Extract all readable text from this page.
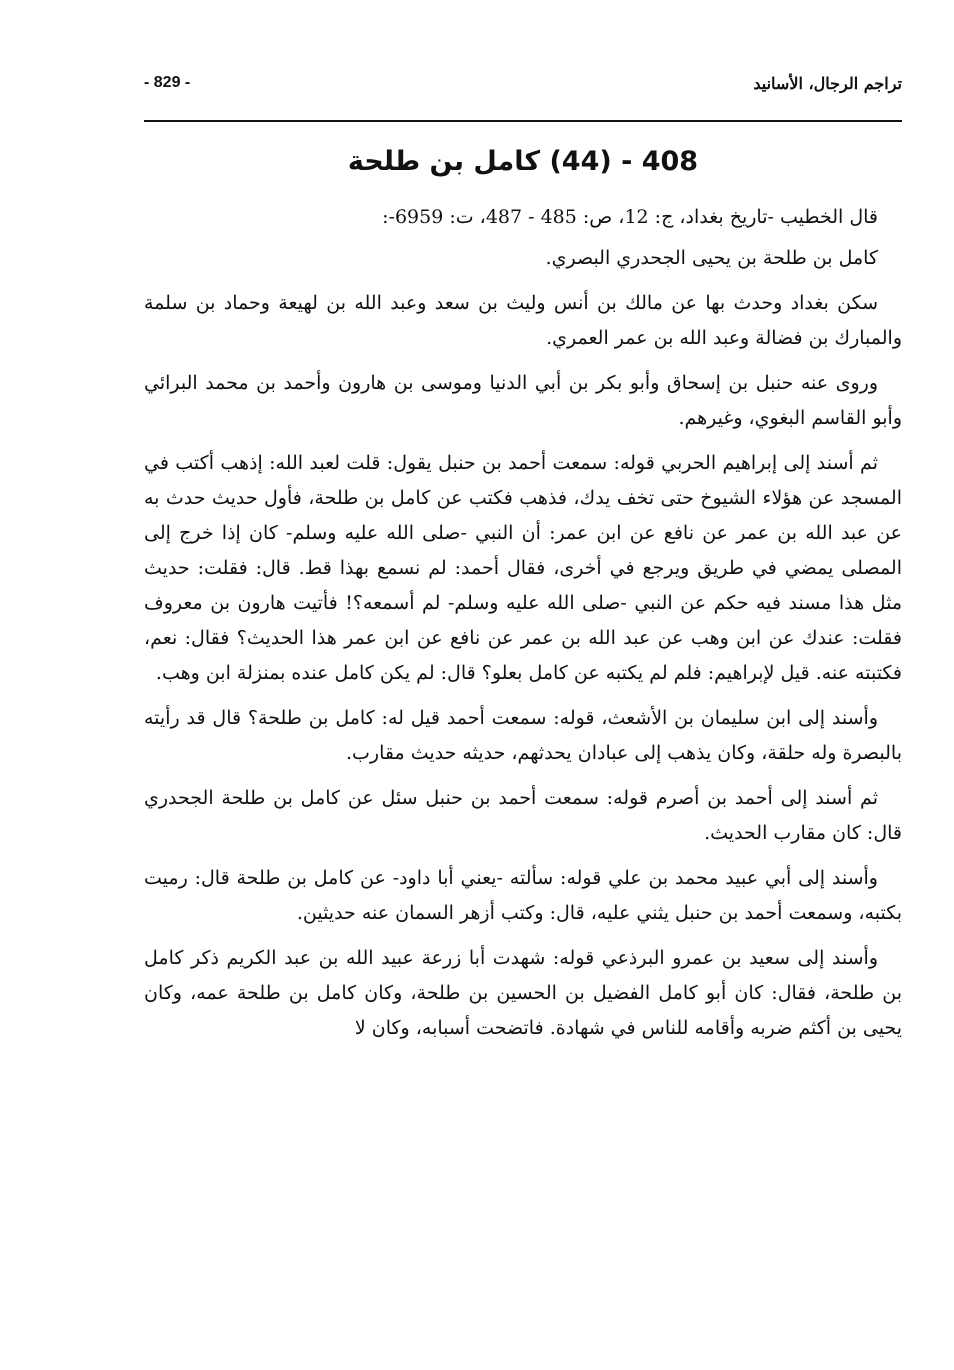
تراجم الرجال، الأسانيد
- 829 -
408 - (44) كامل بن طلحة

قال الخطيب -تاريخ بغداد، ج: 12، ص: 485 - 487، ت: 6959-:

كامل بن طلحة بن يحيى الجحدري البصري.

سكن بغداد وحدث بها عن مالك بن أنس وليث بن سعد وعبد الله بن لهيعة وحماد بن سلمة والمبارك بن فضالة وعبد الله بن عمر العمري.

وروى عنه حنبل بن إسحاق وأبو بكر بن أبي الدنيا وموسى بن هارون وأحمد بن محمد البرائي وأبو القاسم البغوي، وغيرهم.

ثم أسند إلى إبراهيم الحربي قوله: سمعت أحمد بن حنبل يقول: قلت لعبد الله: إذهب أكتب في المسجد عن هؤلاء الشيوخ حتى تخف يدك، فذهب فكتب عن كامل بن طلحة، فأول حديث حدث به عن عبد الله بن عمر عن نافع عن ابن عمر: أن النبي -صلى الله عليه وسلم- كان إذا خرج إلى المصلى يمضي في طريق ويرجع في أخرى، فقال أحمد: لم نسمع بهذا قط. قال: فقلت: حديث مثل هذا مسند فيه حكم عن النبي -صلى الله عليه وسلم- لم أسمعه؟! فأتيت هارون بن معروف فقلت: عندك عن ابن وهب عن عبد الله بن عمر عن نافع عن ابن عمر هذا الحديث؟ فقال: نعم، فكتبته عنه. قيل لإبراهيم: فلم لم يكتبه عن كامل بعلو؟ قال: لم يكن كامل عنده بمنزلة ابن وهب.

وأسند إلى ابن سليمان بن الأشعث، قوله: سمعت أحمد قيل له: كامل بن طلحة؟ قال قد رأيته بالبصرة وله حلقة، وكان يذهب إلى عبادان يحدثهم، حديثه حديث مقارب.

ثم أسند إلى أحمد بن أصرم قوله: سمعت أحمد بن حنبل سئل عن كامل بن طلحة الجحدري قال: كان مقارب الحديث.

وأسند إلى أبي عبيد محمد بن علي قوله: سألته -يعني أبا داود- عن كامل بن طلحة قال: رميت بكتبه، وسمعت أحمد بن حنبل يثني عليه، قال: وكتب أزهر السمان عنه حديثين.

وأسند إلى سعيد بن عمرو البرذعي قوله: شهدت أبا زرعة عبيد الله بن عبد الكريم ذكر كامل بن طلحة، فقال: كان أبو كامل الفضيل بن الحسين بن طلحة، وكان كامل بن طلحة عمه، وكان يحيى بن أكثم ضربه وأقامه للناس في شهادة. فاتضحت أسبابه، وكان لا
